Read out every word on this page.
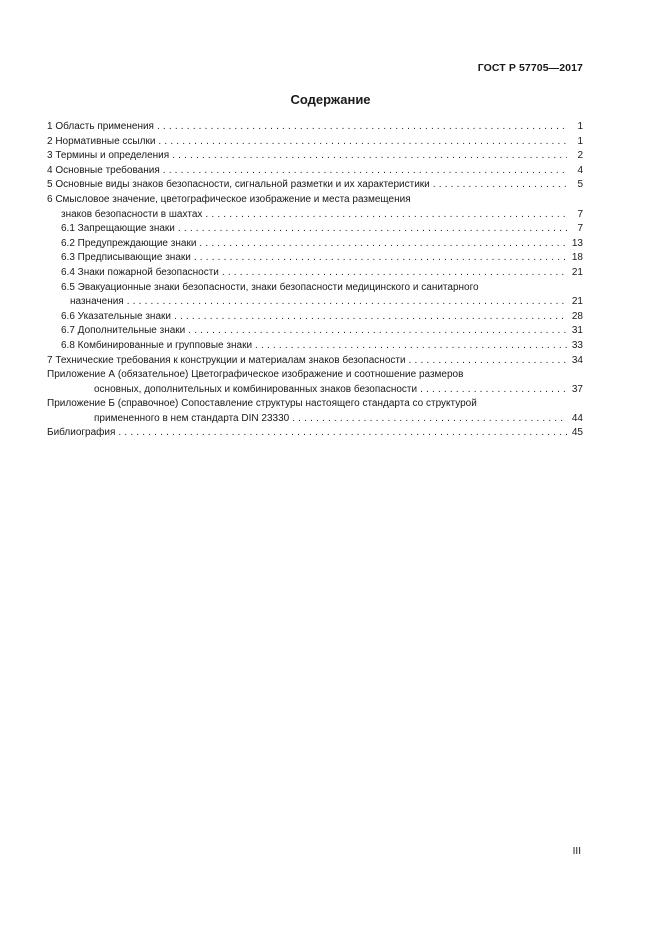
ГОСТ Р 57705—2017
Содержание
1 Область применения . . .	1
2 Нормативные ссылки . . .	1
3 Термины и определения . . .	2
4 Основные требования . . .	4
5 Основные виды знаков безопасности, сигнальной разметки и их характеристики . . .	5
6 Смысловое значение, цветографическое изображение и места размещения
знаков безопасности в шахтах . . .	7
6.1 Запрещающие знаки . . .	7
6.2 Предупреждающие знаки . . .	13
6.3 Предписывающие знаки . . .	18
6.4 Знаки пожарной безопасности . . .	21
6.5 Эвакуационные знаки безопасности, знаки безопасности медицинского и санитарного
назначения . . .	21
6.6 Указательные знаки . . .	28
6.7 Дополнительные знаки . . .	31
6.8 Комбинированные и групповые знаки . . .	33
7 Технические требования к конструкции и материалам знаков безопасности . . .	34
Приложение А (обязательное) Цветографическое изображение и соотношение размеров
основных, дополнительных и комбинированных знаков безопасности . . .	37
Приложение Б (справочное) Сопоставление структуры настоящего стандарта со структурой
примененного в нем стандарта DIN 23330 . . .	44
Библиография . . .	45
III
